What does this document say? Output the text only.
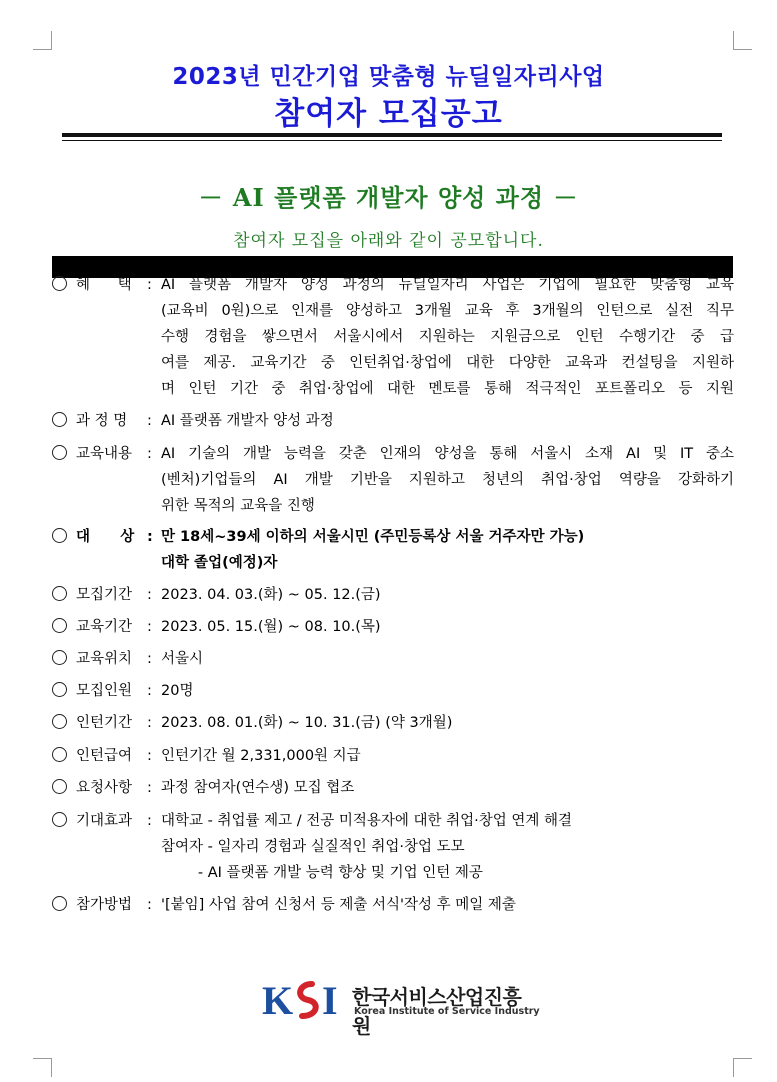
2023년 민간기업 맞춤형 뉴딜일자리사업
참여자 모집공고
－ AI 플랫폼 개발자 양성 과정 －
참여자 모집을 아래와 같이 공모합니다.
혜      택	: AI 플랫폼 개발자 양성 과정의 뉴딜일자리 사업은 기업에 필요한 맞춤형 교육
(교육비 0원)으로 인재를 양성하고 3개월 교육 후 3개월의 인턴으로 실전 직무
수행 경험을 쌓으면서 서울시에서 지원하는 지원금으로 인턴 수행기간 중 급
여를 제공. 교육기간 중 인턴취업·창업에 대한 다양한 교육과 컨설팅을 지원하
며 인턴 기간 중 취업·창업에 대한 멘토를 통해 적극적인 포트폴리오 등 지원
과 정 명	: AI 플랫폼 개발자 양성 과정
교육내용	: AI 기술의 개발 능력을 갖춘 인재의 양성을 통해 서울시 소재 AI 및 IT 중소
(벤처)기업들의 AI 개발 기반을 지원하고 청년의 취업·창업 역량을 강화하기
위한 목적의 교육을 진행
대      상 : 만 18세~39세 이하의 서울시민 (주민등록상 서울 거주자만 가능)
대학 졸업(예정)자
모집기간	: 2023. 04. 03.(화) ~ 05. 12.(금)
교육기간	: 2023. 05. 15.(월) ~ 08. 10.(목)
교육위치	: 서울시
모집인원	: 20명
인턴기간	: 2023. 08. 01.(화) ~ 10. 31.(금) (약 3개월)
인턴급여	: 인턴기간 월 2,331,000원 지급
요청사항	: 과정 참여자(연수생) 모집 협조
기대효과	: 대학교 - 취업률 제고 / 전공 미적용자에 대한 취업·창업 연계 해결
참여자 - 일자리 경험과 실질적인 취업·창업 도모
- AI 플랫폼 개발 능력 향상 및 기업 인턴 제공
참가방법	: '[붙임] 사업 참여 신청서 등 제출 서식'작성 후 메일 제출
K I 한국서비스산업진흥원
Korea Institute of Service Industry
